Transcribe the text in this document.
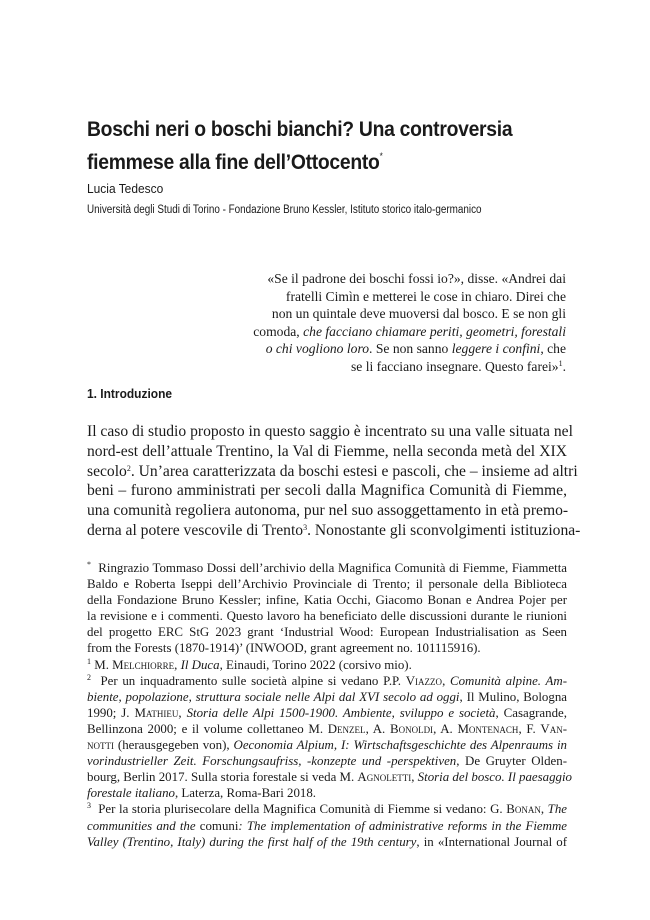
Boschi neri o boschi bianchi? Una controversia
fiemmese alla fine dell’Ottocento*
Lucia Tedesco
Università degli Studi di Torino - Fondazione Bruno Kessler, Istituto storico italo-germanico
«Se il padrone dei boschi fossi io?», disse. «Andrei dai
fratelli Cimìn e metterei le cose in chiaro. Direi che
non un quintale deve muoversi dal bosco. E se non gli
comoda, che facciano chiamare periti, geometri, forestali
o chi vogliono loro. Se non sanno leggere i confini, che
se li facciano insegnare. Questo farei»$^1$.
1. Introduzione
Il caso di studio proposto in questo saggio è incentrato su una valle situata nel
nord-est dell’attuale Trentino, la Val di Fiemme, nella seconda metà del XIX
secolo$^2$. Un’area caratterizzata da boschi estesi e pascoli, che – insieme ad altri
beni – furono amministrati per secoli dalla Magnifica Comunità di Fiemme,
una comunità regoliera autonoma, pur nel suo assoggettamento in età premo-
derna al potere vescovile di Trento$^3$. Nonostante gli sconvolgimenti istituziona-
* Ringrazio Tommaso Dossi dell’archivio della Magnifica Comunità di Fiemme, Fiammetta
Baldo e Roberta Iseppi dell’Archivio Provinciale di Trento; il personale della Biblioteca
della Fondazione Bruno Kessler; infine, Katia Occhi, Giacomo Bonan e Andrea Pojer per
la revisione e i commenti. Questo lavoro ha beneficiato delle discussioni durante le riunioni
del progetto ERC StG 2023 grant ‘Industrial Wood: European Industrialisation as Seen
from the Forests (1870-1914)’ (INWOOD, grant agreement no. 101115916).
$^1$ M. Melchiorre, Il Duca, Einaudi, Torino 2022 (corsivo mio).
$^2$ Per un inquadramento sulle società alpine si vedano P.P. Viazzo, Comunità alpine. Am-
biente, popolazione, struttura sociale nelle Alpi dal XVI secolo ad oggi, Il Mulino, Bologna
1990; J. Mathieu, Storia delle Alpi 1500-1900. Ambiente, sviluppo e società, Casagrande,
Bellinzona 2000; e il volume collettaneo M. Denzel, A. Bonoldi, A. Montenach, F. Van-
notti (herausgegeben von), Oeconomia Alpium, I: Wirtschaftsgeschichte des Alpenraums in
vorindustrieller Zeit. Forschungsaufriss, -konzepte und -perspektiven, De Gruyter Olden-
bourg, Berlin 2017. Sulla storia forestale si veda M. Agnoletti, Storia del bosco. Il paesaggio
forestale italiano, Laterza, Roma-Bari 2018.
$^3$ Per la storia plurisecolare della Magnifica Comunità di Fiemme si vedano: G. Bonan, The
communities and the comuni: The implementation of administrative reforms in the Fiemme
Valley (Trentino, Italy) during the first half of the 19th century, in «International Journal of
